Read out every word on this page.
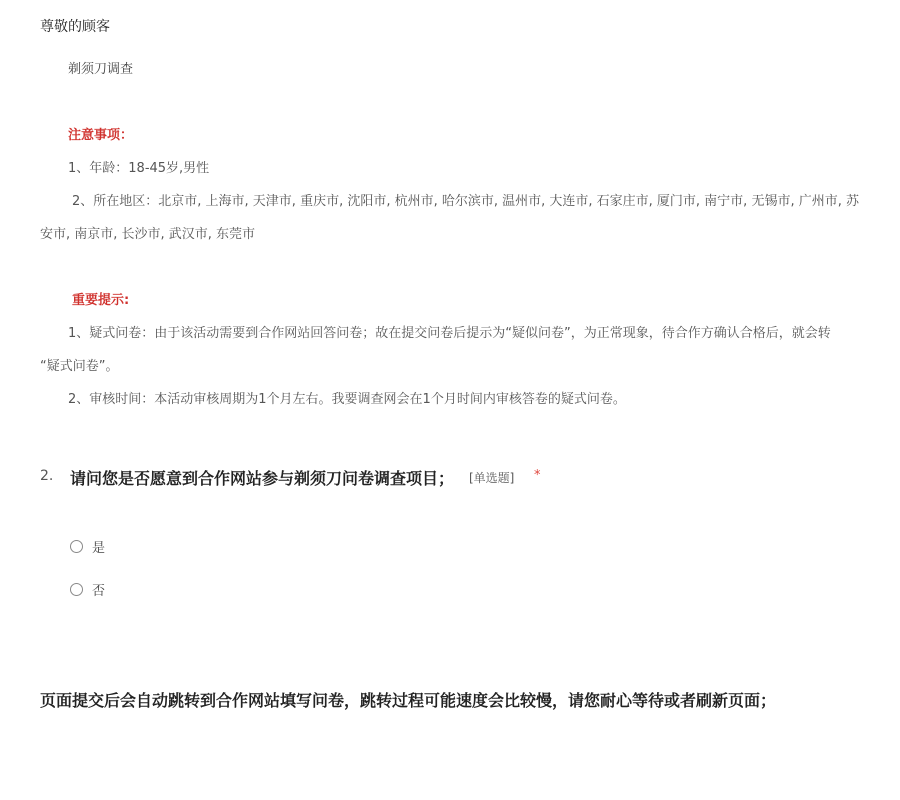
尊敬的顾客
剃须刀调查
注意事项：
1、年龄：18-45岁,男性
2、所在地区：北京市, 上海市, 天津市, 重庆市, 沈阳市, 杭州市, 哈尔滨市, 温州市, 大连市, 石家庄市, 厦门市, 南宁市, 无锡市, 广州市, 苏
安市, 南京市, 长沙市, 武汉市, 东莞市
重要提示:
1、疑式问卷：由于该活动需要到合作网站回答问卷；故在提交问卷后提示为“疑似问卷”，为正常现象，待合作方确认合格后，就会转
“疑式问卷”。
2、审核时间：本活动审核周期为1个月左右。我要调查网会在1个月时间内审核答卷的疑式问卷。
2. 请问您是否愿意到合作网站参与剃须刀问卷调查项目； [单选题] *
是
否
页面提交后会自动跳转到合作网站填写问卷，跳转过程可能速度会比较慢，请您耐心等待或者刷新页面；
